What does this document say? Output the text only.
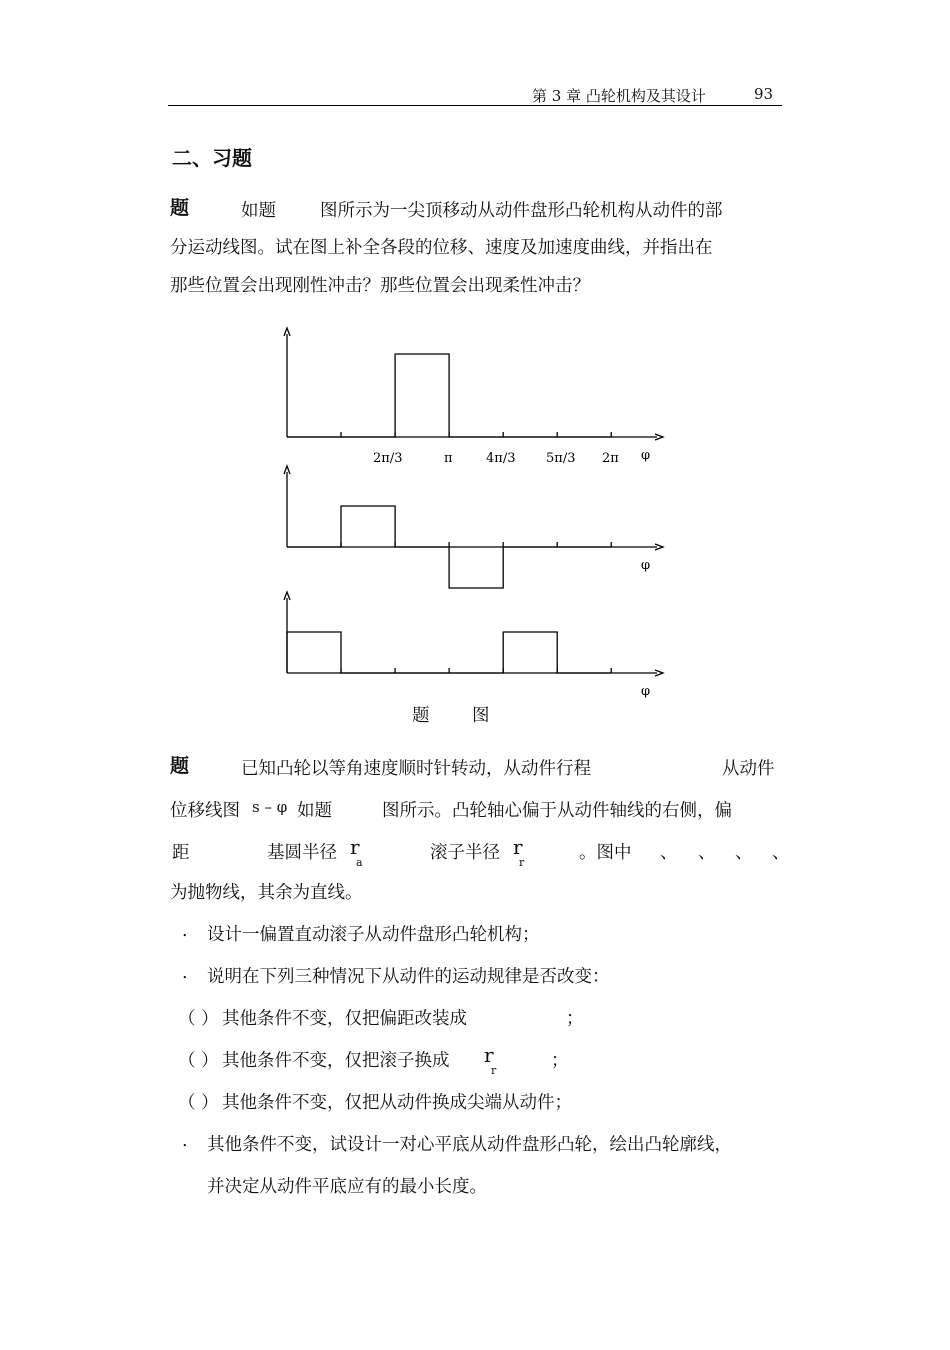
第 3 章 凸轮机构及其设计	93
二、习题
题	如题	图所示为一尖顶移动从动件盘形凸轮机构从动件的部
分运动线图。试在图上补全各段的位移、速度及加速度曲线，并指出在
那些位置会出现刚性冲击？那些位置会出现柔性冲击？
φ
φ
φ
2π/3	π	4π/3 5π/3 2π
题 图
题	已知凸轮以等角速度顺时针转动，从动件行程	从动件
位移线图 s – φ 如题	图所示。凸轮轴心偏于从动件轴线的右侧，偏
距	基圆半径 r
a	滚子半径 r
r	。图中 、 、 、 、
为抛物线，其余为直线。
. 设计一偏置直动滚子从动件盘形凸轮机构；
. 说明在下列三种情况下从动件的运动规律是否改变：
（ ） 其他条件不变，仅把偏距改装成	；
（ ） 其他条件不变，仅把滚子换成 r
r	；
（ ） 其他条件不变，仅把从动件换成尖端从动件；
. 其他条件不变，试设计一对心平底从动件盘形凸轮，绘出凸轮廓线，
并决定从动件平底应有的最小长度。
